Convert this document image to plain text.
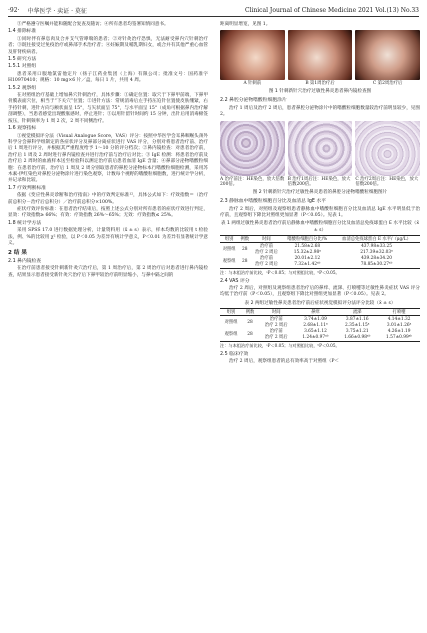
·92· 中华医学 · 卖证 · 莫征	Clinical Journal of Chinese Medicine 2021 Vol.(13) No.33

③严格遵守医嘱并能和随配合复查及随访；④所有患者均签署知情同意书。

1.4 排除标准

①同时伴有鼻息肉及合并支气管哮喘的患者；②对针灸治疗恐惧，无法耐受鼻内穴针刺治疗者；③既往接受过免疫治疗或鼻部手术治疗者；④妊娠期及哺乳期妇女，或合并有其他严重心血管及肝肾疾病者。

1.5 研究方法
1.5.1 对照组

患者采用口服地氯雷他定片（扬子江药业集团（上海）有限公司；批准文号：国药准字 H10970410；规格：10 mg×6 片／盒，每日 1 片，共用 4 周。

1.5.2 观察组

在对照组治疗基础上增加鼻穴针刺治疗，具体步骤：①确定位置：取穴于下鼻甲前端，下鼻甲骨膜表面穴位，相当于“下关穴”位置；②进针方法：常规消毒后左手持压迫针位置使皮肤绷紧，右手持针刺，进针方向与额状面呈 15°，与矢状面呈 75°，与水平面呈 15°（成角可根据鼻内治疗解剖调整），当患者感觉出现酸胀感时，停止进针；③以用针留针时间约 15 分钟，出针后用消毒棉签按压，针刺频率为 1 周 2 次，2 周不同侧治疗。

1.6 观察指标

①视觉模拟评分法（Visual Analogue Score，VAS）评分：按照中华医学会耳鼻咽喉头颈外科学分会鼻科学组制定的各症状评分及鼻部分离症状进行 VAS 评分，分别对将患者治疗前、治疗后 1 周进行评分，并根据其严重程度给予 1～10 分的评分档次；②鼻内镜检查：对患者治疗前，治疗后 1 周及 2 周时进行鼻内镜检查并进行治疗前与治疗后对比；③ IgE 检测：将患者治疗前及治疗后 2 周时的血液样本送至检验科以测定治疗前后患者血清 IgE 含量；④鼻部分泌物嗜酸粒细胞：在患者治疗前、治疗后 1 周及 2 周分别取患者的鼻腔分泌物标本行嗜酸粒细胞检测，采用苏木素-伊红染色对鼻腔分泌物涂片进行染色观察，计数每个视野的嗜酸粒细胞数，进行统计学分析，并记录和比较。

1.7 疗效判断标准

依据《变应性鼻炎诊断和治疗指南》中的疗效判定标准¹²，具体公式如下：疗效指数＝（治疗前总积分－治疗后总积分）／治疗前总积分×100%。

症状疗效评价标准：在患者治疗结束后，按照上述公式分别对所有患者的症状疗效进行判定，显效：疗效指数≥ 66%；有效：疗效指数 26%～65%；无效：疗效指数≤ 25%。

1.8 统计学方法

采用 SPSS 17.0 进行数据处理分析，计量资料用（x̄ ± s）表示，样本均数的比较用 t 检验法，例、%的比较用 χ² 检验，以 P＜0.05 为差异有统计学意义，P＜0.01 为差异有显著统计学意义。

2 结 果
2.1 鼻内镜检查

在治疗前患者接受针刺新针灸穴治疗后，第 1 周治疗后，第 2 周治疗后对患者进行鼻内镜检查，结果显示患者接受新针灸穴治疗后下鼻甲较治疗前明显缩小，与鼻中隔之间的

距离明显增宽，见图 1。

A 针刺前	B 第1周治疗后	C 第2周治疗后
图 1 针刺新针穴治疗过敏性鼻炎患者鼻内镜检查图
2.2 鼻腔分泌物嗜酸粒细胞涂片

治疗 1 周后及治疗 2 周后，患者鼻腔分泌物涂片中的嗜酸粒细胞数量较治疗前明显较少，见图 2。

A 治疗前注：HE染色，放大倍数200倍。
B 治疗1周后注：HE染色，放大倍数200倍。
C 治疗2周后注：HE染色，放大倍数200倍。
图 2 针刺新针穴治疗过敏性鼻炎患者的鼻腔分泌物嗜酸粒细胞图片
2.3 静脉血中嗜酸粒细胞百分比及血清总 IgE 水平

治疗 2 周后，对照组及观察组患者静脉血中嗜酸粒细胞百分比及血清总 IgE 水平明显低于治疗前，且观察组下降比对照组更加显著（P＜0.05）。见表 1。

表 1 两组过敏性鼻炎患者治疗前后静脉血中嗜酸粒细胞百分比及血清总免疫球蛋白 E 水平比较（x̄ ± s）
组别	例数	时间	嗜酸粒细胞百分比/%	血清总免疫球蛋白 E 水平/（μg/L）
对照组	28	治疗前	21.58±2.68	437.98±33.25
		治疗 2 周后	15.32±2.98ᵃ	217.39±32.03ᵃ
观察组	28	治疗前	20.01±2.12	439.28±34.20
		治疗 2 周后	7.32±1.42ᵃᵇ	78.85±30.27ᵃᵇ

注：与本组治疗前比较，ᵃP＜0.05；与对照组比较，ᵇP＜0.05。

2.4 VAS 评分

治疗 2 周后，对照组及观察组患者治疗后的鼻痒、流涕、打喷嚏等过敏性鼻炎症状 VAS 评分均低于治疗前（P＜0.05），且观察组下降比对照组更加显著（P＜0.05）。见表 2。

表 2 两组过敏性鼻炎患者治疗前后症状视觉模拟评分法评分比较（x̄ ± s）
组别	例数	时间	鼻痒	流涕	打喷嚏
对照组	28	治疗前	3.74±1.09	3.87±1.16	4.14±1.32
		治疗 2 周后	2.68±1.11ᵃ	2.35±1.15ᵃ	3.01±1.26ᵃ
观察组	28	治疗前	3.65±1.12	3.75±1.21	4.26±1.19
		治疗 2 周后	1.24±0.97ᵃᵇ	1.66±0.98ᵃᵇ	1.57±0.99ᵃᵇ

注：与本组治疗前比较，ᵃP＜0.05；与对照组比较，ᵇP＜0.05。

2.5 临床疗效

治疗 2 周后，观察组患者的总有效率高于对照组（P＜
